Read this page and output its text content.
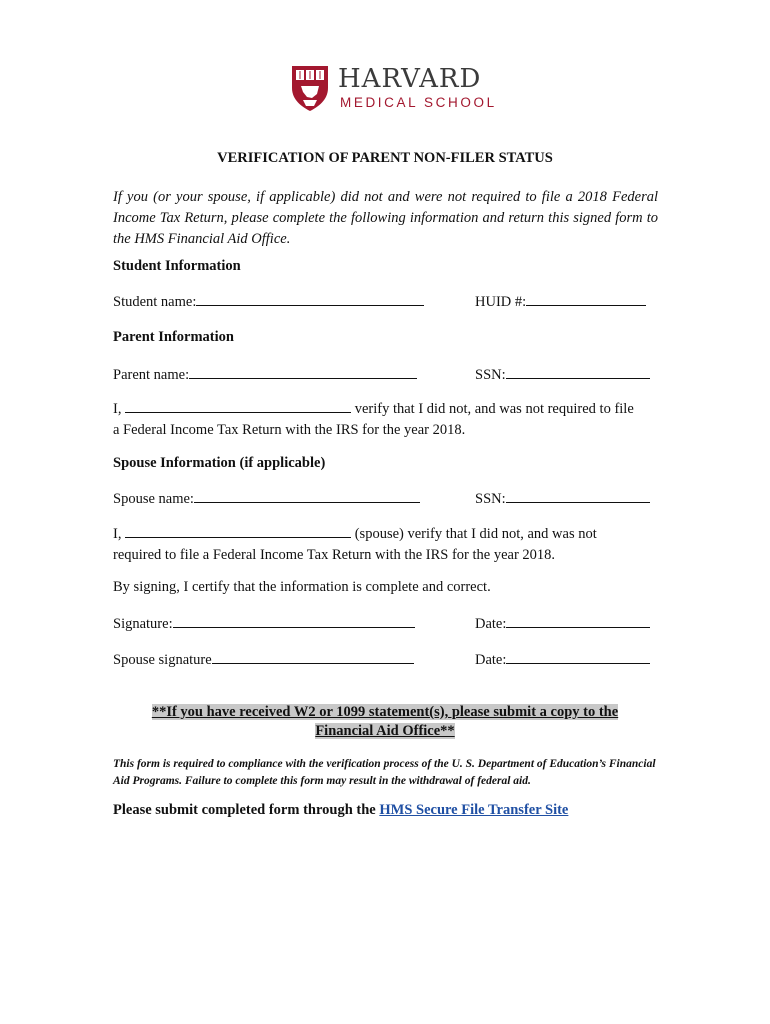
HARVARD
MEDICAL SCHOOL
VERIFICATION OF PARENT NON-FILER STATUS
If you (or your spouse, if applicable) did not and were not required to file a 2018 Federal Income Tax Return, please complete the following information and return this signed form to the HMS Financial Aid Office.
Student Information
Student name:	HUID #:
Parent Information
Parent name:	SSN:
I,	verify that I did not, and was not required to file
a Federal Income Tax Return with the IRS for the year 2018.
Spouse Information (if applicable)
Spouse name:	SSN:
I,	(spouse) verify that I did not, and was not
required to file a Federal Income Tax Return with the IRS for the year 2018.
By signing, I certify that the information is complete and correct.
Signature:	Date:
Spouse signature	Date:
**If you have received W2 or 1099 statement(s), please submit a copy to the
Financial Aid Office**
This form is required to compliance with the verification process of the U. S. Department of Education’s Financial Aid Programs. Failure to complete this form may result in the withdrawal of federal aid.
Please submit completed form through the HMS Secure File Transfer Site
